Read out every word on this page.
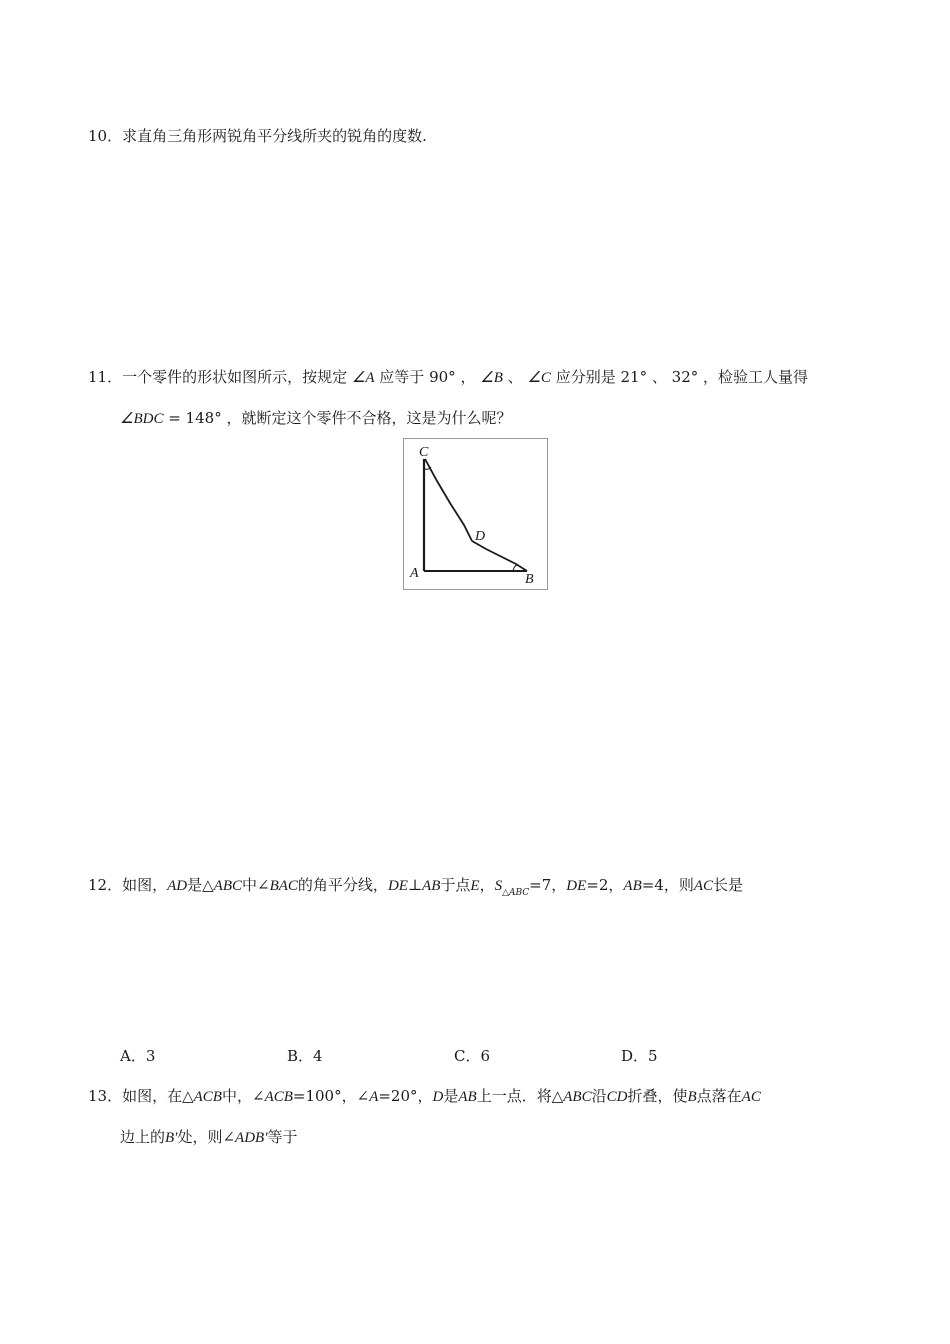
10．求直角三角形两锐角平分线所夹的锐角的度数.
11．一个零件的形状如图所示，按规定 ∠A 应等于 90° ， ∠B 、 ∠C 应分别是 21° 、 32° ，检验工人量得
∠BDC = 148° ，就断定这个零件不合格，这是为什么呢？
C
D
A	B
12．如图，AD是△ABC中∠BAC的角平分线，DE⊥AB于点E，$S_{\triangle ABC}=7$，DE=2，AB=4，则AC长是
A．3	B．4	C．6	D．5
13．如图，在△ACB中，∠ACB=100°，∠A=20°，D是AB上一点．将△ABC沿CD折叠，使B点落在AC
边上的B′处，则∠ADB′等于
